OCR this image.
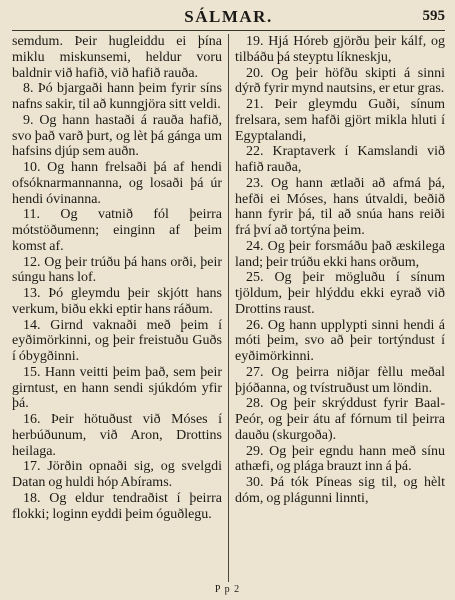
SÁLMAR.	595

semdum. Þeir hugleiddu ei þína miklu miskunsemi, heldur voru baldnir við hafið, við hafið rauða.

8. Þó bjargaði hann þeim fyrir síns nafns sakir, til að kunngjöra sitt veldi.

9. Og hann hastaði á rauða hafið, svo það varð þurt, og lèt þá gánga um hafsins djúp sem auðn.

10. Og hann frelsaði þá af hendi ofsóknarmannanna, og losaði þá úr hendi óvinanna.

11. Og vatnið fól þeirra mótstöðumenn; einginn af þeim komst af.

12. Og þeir trúðu þá hans orði, þeir súngu hans lof.

13. Þó gleymdu þeir skjótt hans verkum, biðu ekki eptir hans ráðum.

14. Girnd vaknaði með þeim í eyðimörkinni, og þeir freistuðu Guðs í óbygðinni.

15. Hann veitti þeim það, sem þeir girntust, en hann sendi sjúkdóm yfir þá.

16. Þeir hötuðust við Móses í herbúðunum, við Aron, Drottins heilaga.

17. Jörðin opnaði sig, og svelgdi Datan og huldi hóp Abírams.

18. Og eldur tendraðist í þeirra flokki; loginn eyddi þeim óguðlegu.

19. Hjá Hóreb gjörðu þeir kálf, og tilbáðu þá steyptu líkneskju,

20. Og þeir höfðu skipti á sinni dýrð fyrir mynd nautsins, er etur gras.

21. Þeir gleymdu Guði, sínum frelsara, sem hafði gjört mikla hluti í Egyptalandi,

22. Kraptaverk í Kamslandi við hafið rauða,

23. Og hann ætlaði að afmá þá, hefði ei Móses, hans útvaldi, beðið hann fyrir þá, til að snúa hans reiði frá því að tortýna þeim.

24. Og þeir forsmáðu það æskilega land; þeir trúðu ekki hans orðum,

25. Og þeir mögluðu í sínum tjöldum, þeir hlýddu ekki eyrað við Drottins raust.

26. Og hann upplypti sinni hendi á móti þeim, svo að þeir tortýndust í eyðimörkinni.

27. Og þeirra niðjar fèllu meðal þjóðanna, og tvístruðust um löndin.

28. Og þeir skrýddust fyrir Baal-Peór, og þeir átu af fórnum til þeirra dauðu (skurgoða).

29. Og þeir egndu hann með sínu athæfi, og plága brauzt inn á þá.

30. Þá tók Píneas sig til, og hèlt dóm, og plágunni linnti,

P p 2
